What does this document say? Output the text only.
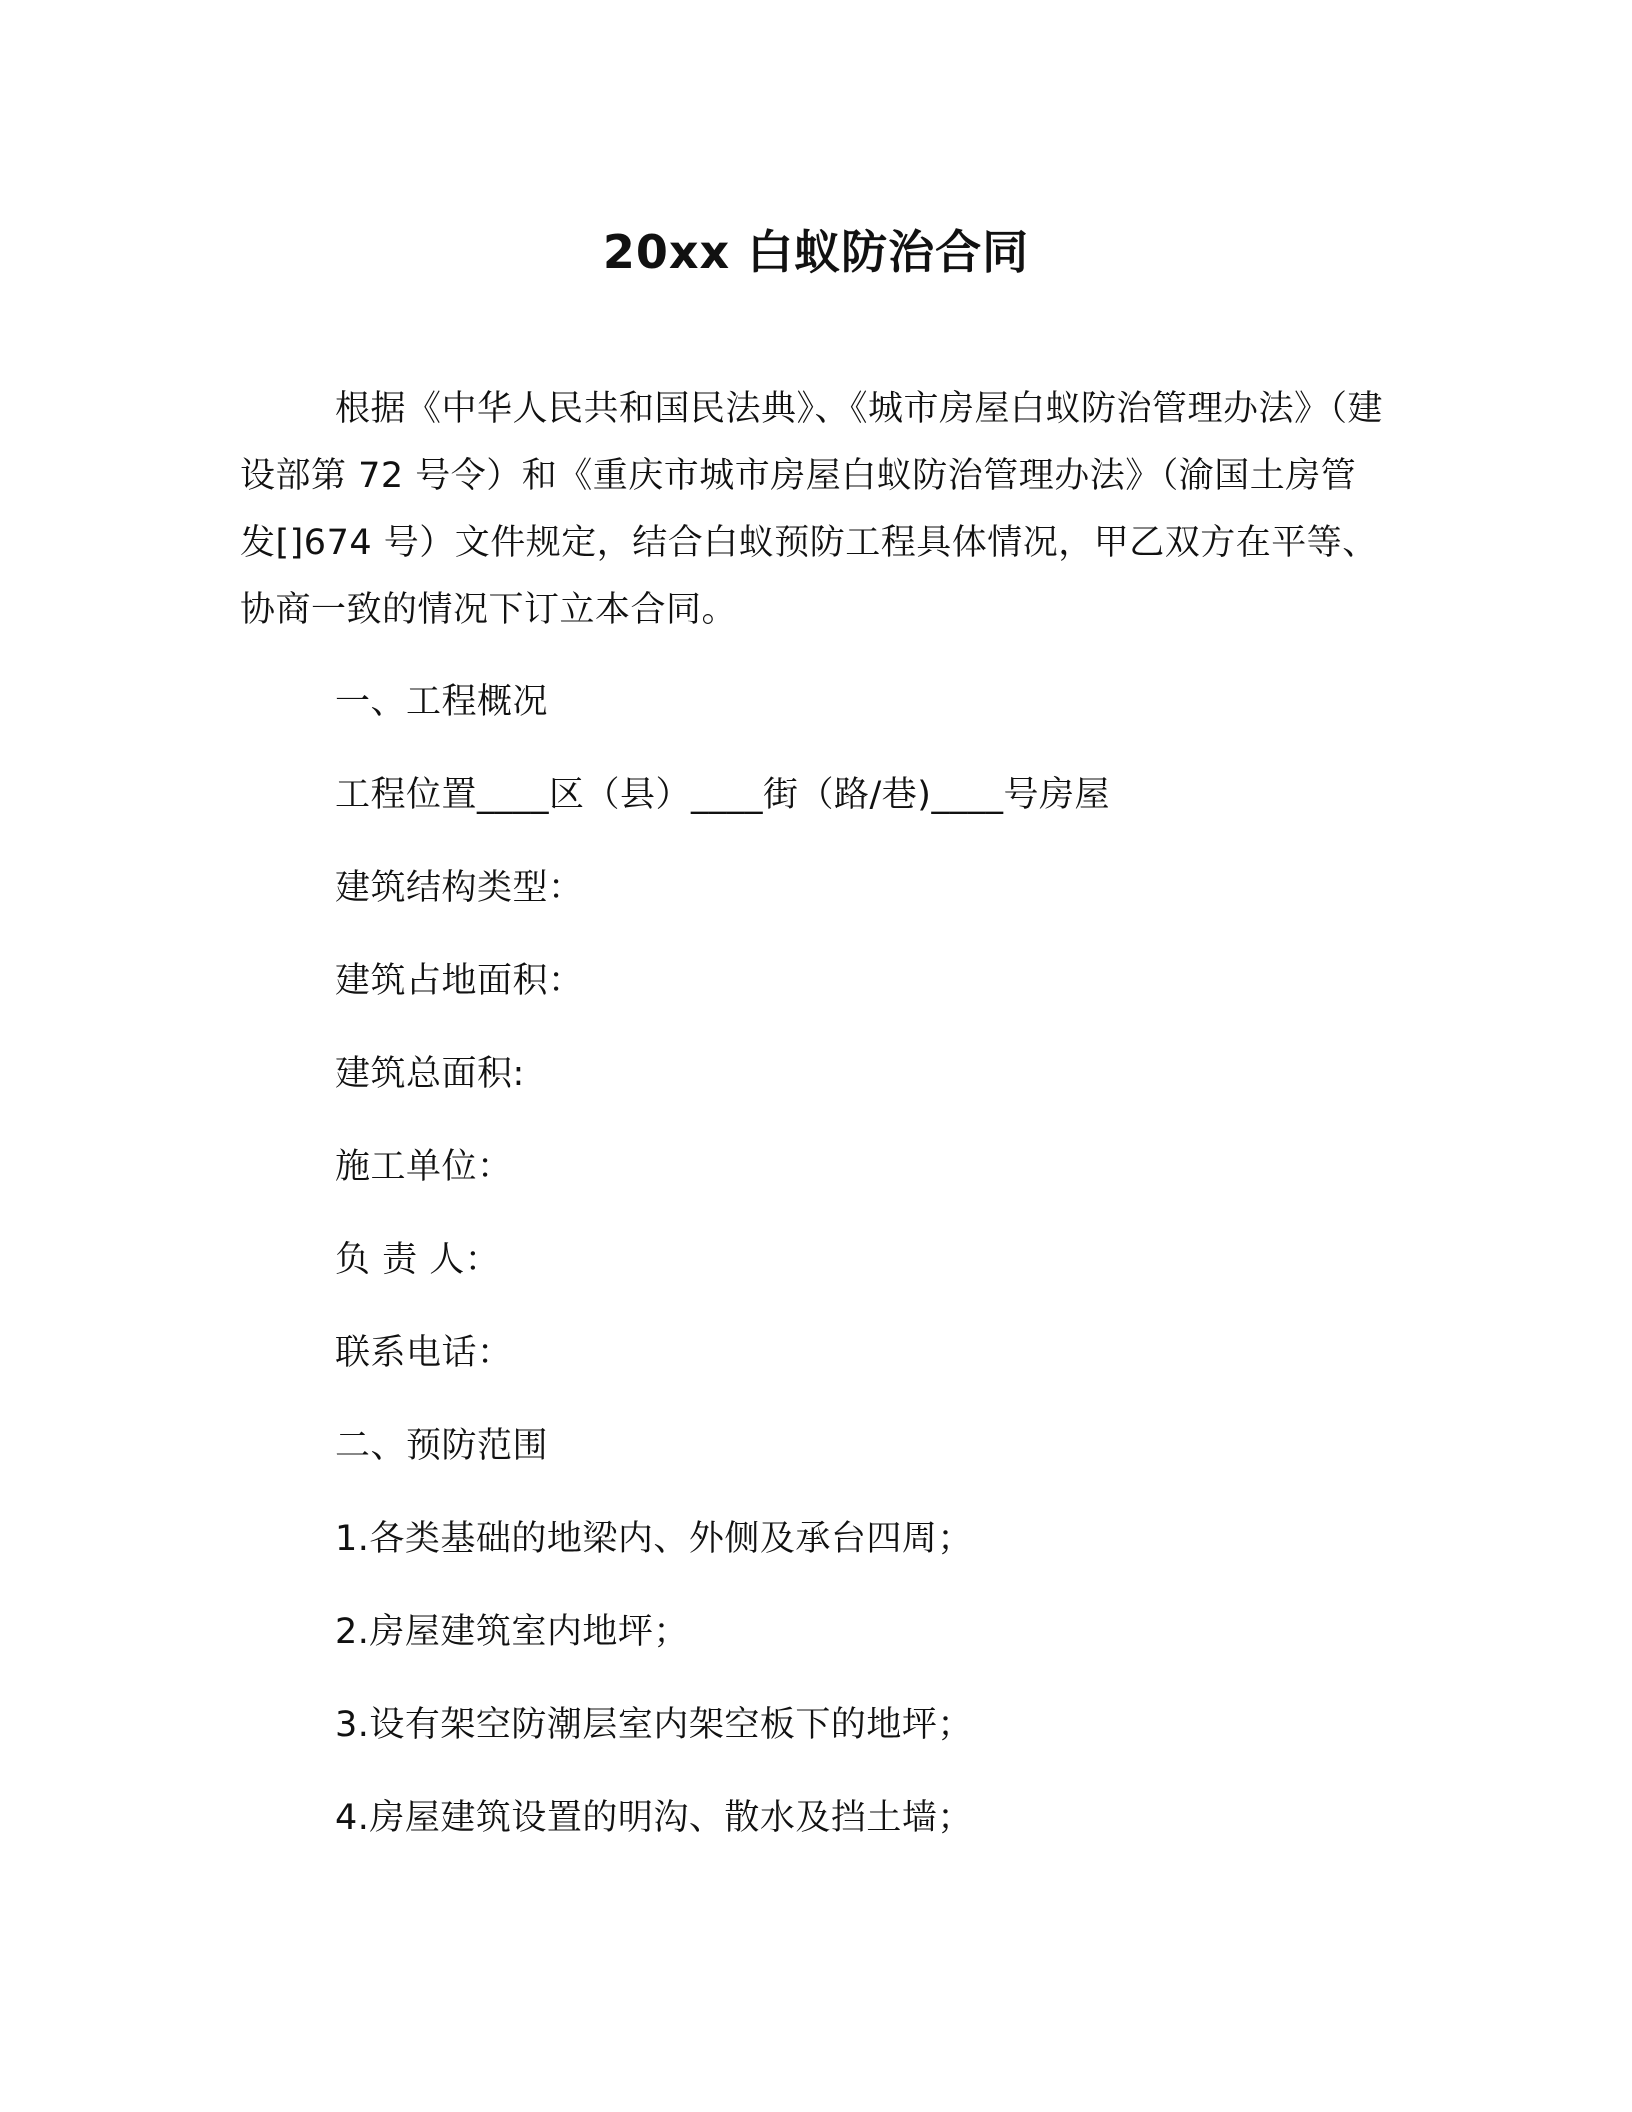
20xx 白蚁防治合同

根据《中华人民共和国民法典》、《城市房屋白蚁防治管理办法》（建设部第 72 号令）和《重庆市城市房屋白蚁防治管理办法》（渝国土房管发[]674 号）文件规定，结合白蚁预防工程具体情况，甲乙双方在平等、协商一致的情况下订立本合同。

一、工程概况
工程位置____区（县）____街（路/巷)____号房屋
建筑结构类型：
建筑占地面积：
建筑总面积:
施工单位：
负 责 人：
联系电话：
二、预防范围
1.各类基础的地梁内、外侧及承台四周；
2.房屋建筑室内地坪；
3.设有架空防潮层室内架空板下的地坪；
4.房屋建筑设置的明沟、散水及挡土墙；
